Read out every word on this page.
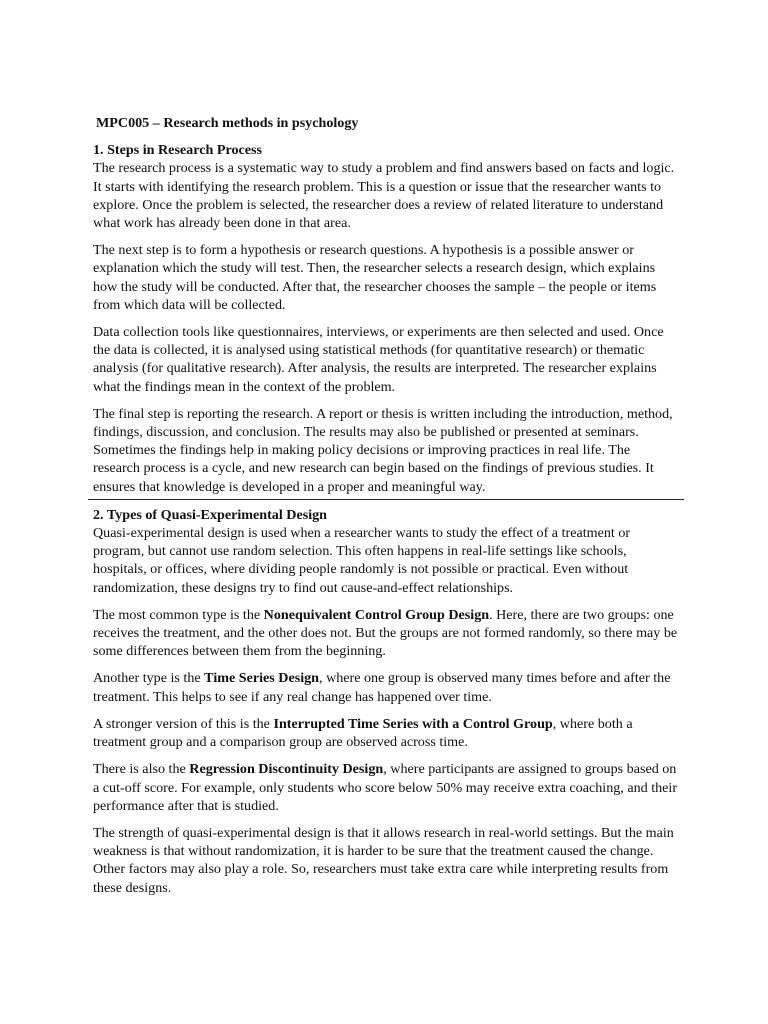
MPC005 – Research methods in psychology
1. Steps in Research Process

The research process is a systematic way to study a problem and find answers based on facts and logic. It starts with identifying the research problem. This is a question or issue that the researcher wants to explore. Once the problem is selected, the researcher does a review of related literature to understand what work has already been done in that area.

The next step is to form a hypothesis or research questions. A hypothesis is a possible answer or explanation which the study will test. Then, the researcher selects a research design, which explains how the study will be conducted. After that, the researcher chooses the sample – the people or items from which data will be collected.

Data collection tools like questionnaires, interviews, or experiments are then selected and used. Once the data is collected, it is analysed using statistical methods (for quantitative research) or thematic analysis (for qualitative research). After analysis, the results are interpreted. The researcher explains what the findings mean in the context of the problem.

The final step is reporting the research. A report or thesis is written including the introduction, method, findings, discussion, and conclusion. The results may also be published or presented at seminars. Sometimes the findings help in making policy decisions or improving practices in real life. The research process is a cycle, and new research can begin based on the findings of previous studies. It ensures that knowledge is developed in a proper and meaningful way.

2. Types of Quasi-Experimental Design

Quasi-experimental design is used when a researcher wants to study the effect of a treatment or program, but cannot use random selection. This often happens in real-life settings like schools, hospitals, or offices, where dividing people randomly is not possible or practical. Even without randomization, these designs try to find out cause-and-effect relationships.

The most common type is the Nonequivalent Control Group Design. Here, there are two groups: one receives the treatment, and the other does not. But the groups are not formed randomly, so there may be some differences between them from the beginning.

Another type is the Time Series Design, where one group is observed many times before and after the treatment. This helps to see if any real change has happened over time.

A stronger version of this is the Interrupted Time Series with a Control Group, where both a treatment group and a comparison group are observed across time.

There is also the Regression Discontinuity Design, where participants are assigned to groups based on a cut-off score. For example, only students who score below 50% may receive extra coaching, and their performance after that is studied.

The strength of quasi-experimental design is that it allows research in real-world settings. But the main weakness is that without randomization, it is harder to be sure that the treatment caused the change. Other factors may also play a role. So, researchers must take extra care while interpreting results from these designs.
